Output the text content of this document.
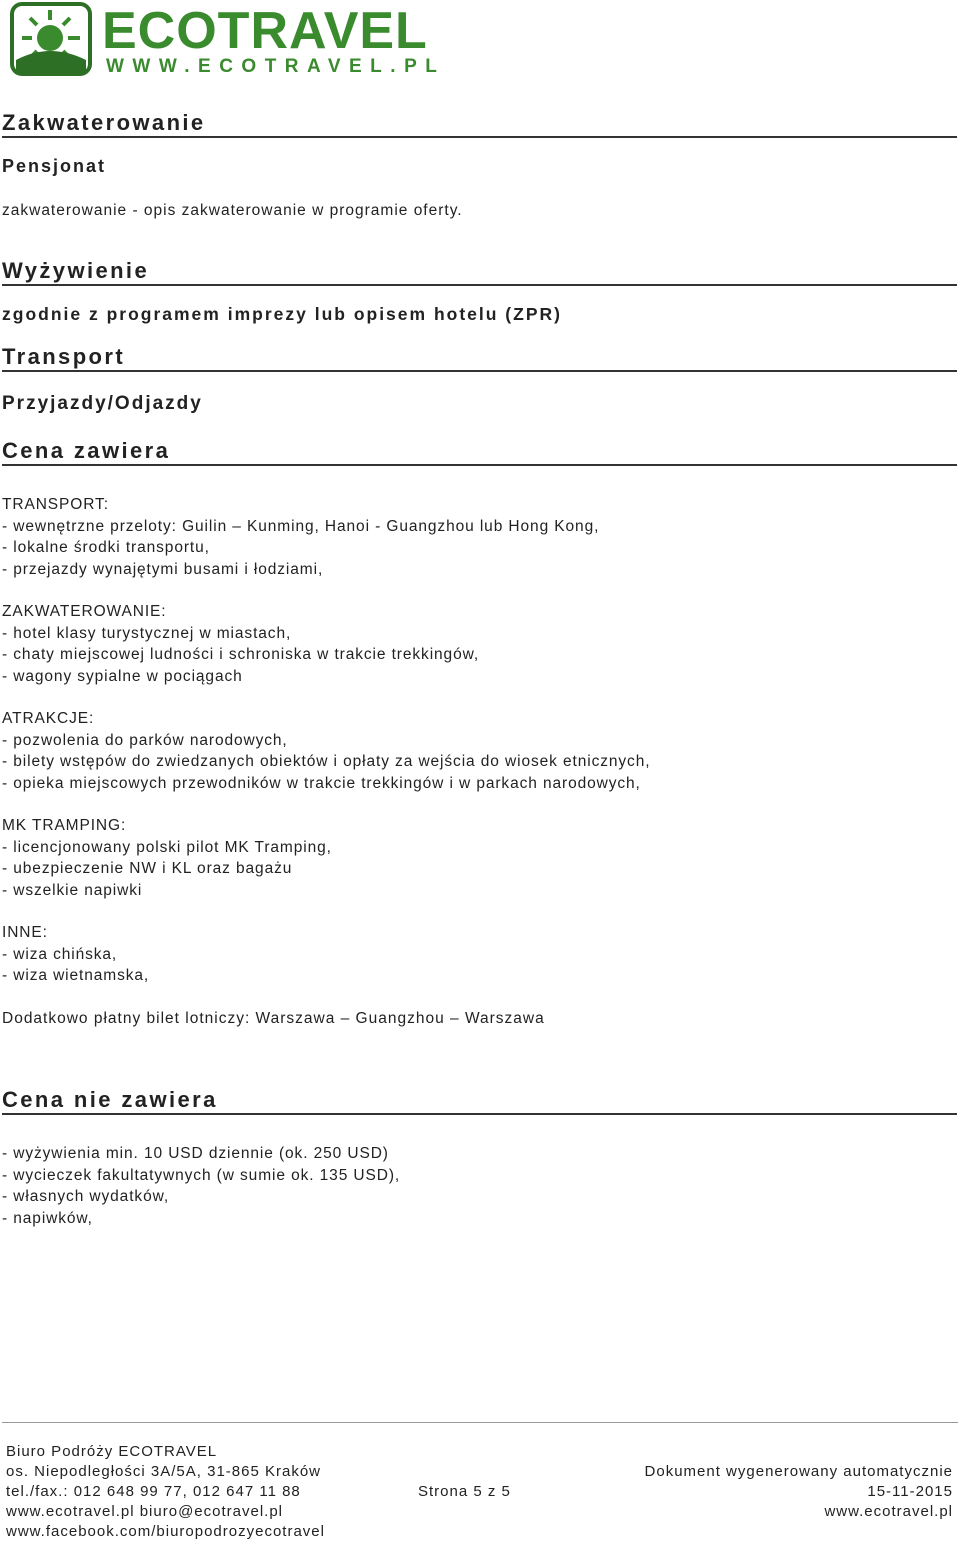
ECOTRAVEL
WWW.ECOTRAVEL.PL
Zakwaterowanie
Pensjonat

zakwaterowanie - opis zakwaterowanie w programie oferty.

Wyżywienie

zgodnie z programem imprezy lub opisem hotelu (ZPR)

Transport
Przyjazdy/Odjazdy
Cena zawiera
TRANSPORT:
- wewnętrzne przeloty: Guilin – Kunming, Hanoi - Guangzhou lub Hong Kong,
- lokalne środki transportu,
- przejazdy wynajętymi busami i łodziami,
ZAKWATEROWANIE:
- hotel klasy turystycznej w miastach,
- chaty miejscowej ludności i schroniska w trakcie trekkingów,
- wagony sypialne w pociągach
ATRAKCJE:
- pozwolenia do parków narodowych,
- bilety wstępów do zwiedzanych obiektów i opłaty za wejścia do wiosek etnicznych,
- opieka miejscowych przewodników w trakcie trekkingów i w parkach narodowych,
MK TRAMPING:
- licencjonowany polski pilot MK Tramping,
- ubezpieczenie NW i KL oraz bagażu
- wszelkie napiwki
INNE:
- wiza chińska,
- wiza wietnamska,

Dodatkowo płatny bilet lotniczy: Warszawa – Guangzhou – Warszawa

Cena nie zawiera
- wyżywienia min. 10 USD dziennie (ok. 250 USD)
- wycieczek fakultatywnych (w sumie ok. 135 USD),
- własnych wydatków,
- napiwków,
Biuro Podróży ECOTRAVEL
os. Niepodległości 3A/5A, 31-865 Kraków
tel./fax.: 012 648 99 77, 012 647 11 88
www.ecotravel.pl biuro@ecotravel.pl
www.facebook.com/biuropodrozyecotravel
Strona 5 z 5
Dokument wygenerowany automatycznie
15-11-2015
www.ecotravel.pl
